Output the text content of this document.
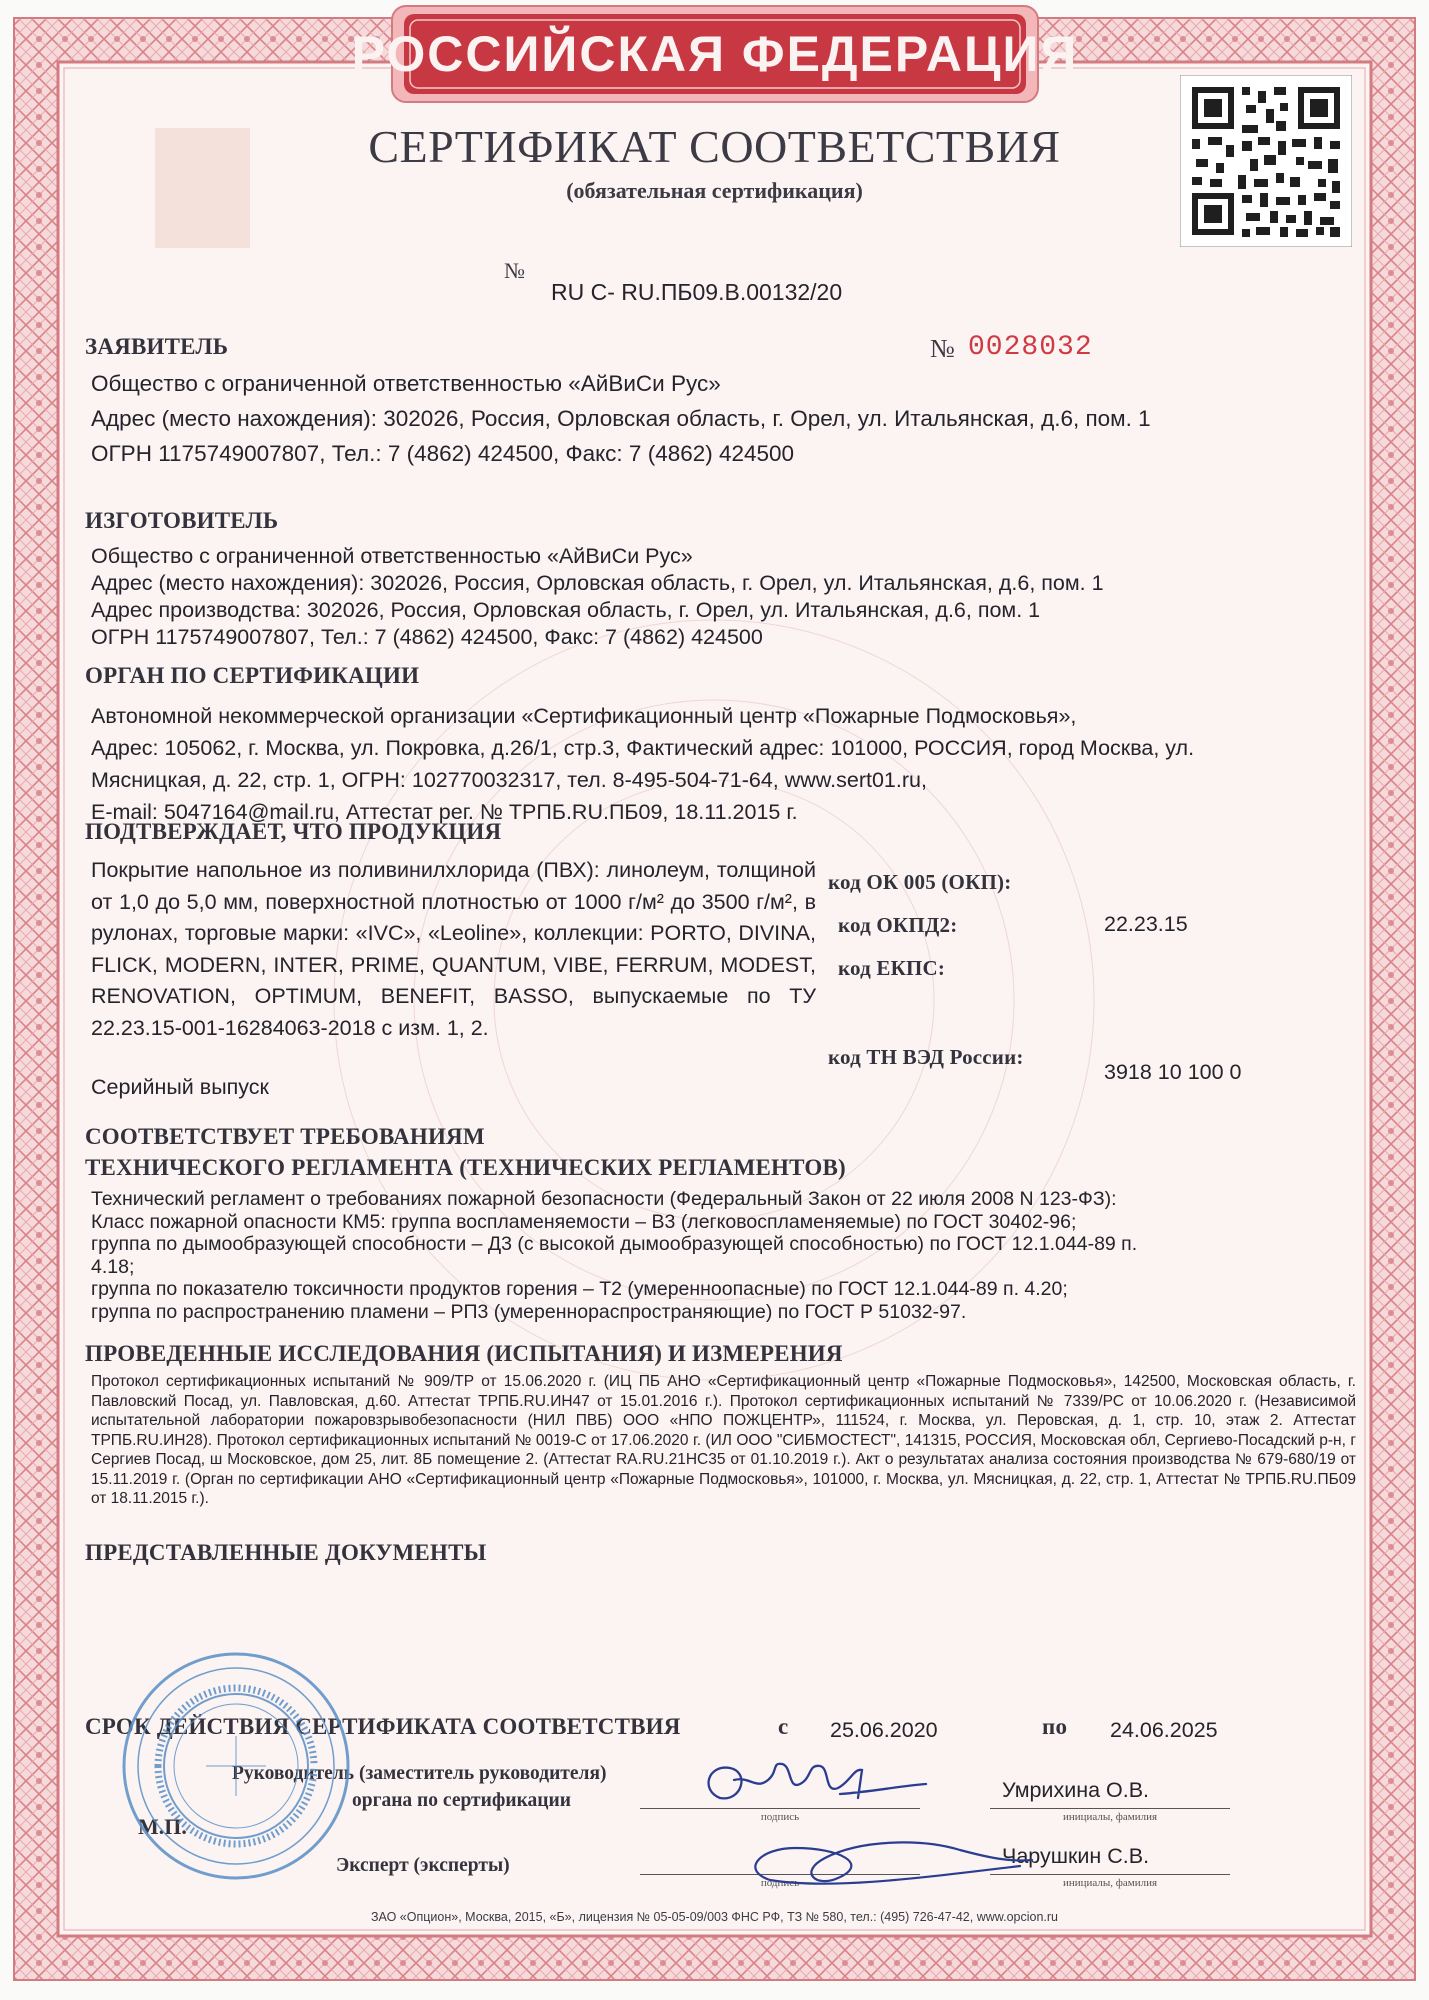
РОССИЙСКАЯ ФЕДЕРАЦИЯ
СЕРТИФИКАТ СООТВЕТСТВИЯ
(обязательная сертификация)
№
RU C- RU.ПБ09.В.00132/20
№ 0028032
ЗАЯВИТЕЛЬ
Общество с ограниченной ответственностью «АйВиСи Рус»
Адрес (место нахождения): 302026, Россия, Орловская область, г. Орел, ул. Итальянская, д.6, пом. 1
ОГРН 1175749007807, Тел.: 7 (4862) 424500, Факс: 7 (4862) 424500
ИЗГОТОВИТЕЛЬ
Общество с ограниченной ответственностью «АйВиСи Рус»
Адрес (место нахождения): 302026, Россия, Орловская область, г. Орел, ул. Итальянская, д.6, пом. 1
Адрес производства: 302026, Россия, Орловская область, г. Орел, ул. Итальянская, д.6, пом. 1
ОГРН 1175749007807, Тел.: 7 (4862) 424500, Факс: 7 (4862) 424500
ОРГАН ПО СЕРТИФИКАЦИИ
Автономной некоммерческой организации «Сертификационный центр «Пожарные Подмосковья»,
Адрес: 105062, г. Москва, ул. Покровка, д.26/1, стр.3, Фактический адрес: 101000, РОССИЯ, город Москва, ул.
Мясницкая, д. 22, стр. 1, ОГРН: 102770032317, тел. 8-495-504-71-64, www.sert01.ru,
E-mail: 5047164@mail.ru, Аттестат рег. № ТРПБ.RU.ПБ09, 18.11.2015 г.
ПОДТВЕРЖДАЕТ, ЧТО ПРОДУКЦИЯ
Покрытие напольное из поливинилхлорида (ПВХ): линолеум, толщиной от 1,0 до 5,0 мм, поверхностной плотностью от 1000 г/м² до 3500 г/м², в рулонах, торговые марки: «IVC», «Leoline», коллекции: PORTO, DIVINA, FLICK, MODERN, INTER, PRIME, QUANTUM, VIBE, FERRUM, MODEST, RENOVATION, OPTIMUM, BENEFIT, BASSO, выпускаемые по ТУ 22.23.15-001-16284063-2018 с изм. 1, 2.
Серийный выпуск
код ОК 005 (ОКП):
код ОКПД2:	22.23.15
код ЕКПС:
код ТН ВЭД России:
3918 10 100 0
СООТВЕТСТВУЕТ ТРЕБОВАНИЯМ
ТЕХНИЧЕСКОГО РЕГЛАМЕНТА (ТЕХНИЧЕСКИХ РЕГЛАМЕНТОВ)
Технический регламент о требованиях пожарной безопасности (Федеральный Закон от 22 июля 2008 N 123-ФЗ):
Класс пожарной опасности КМ5: группа воспламеняемости – В3 (легковоспламеняемые) по ГОСТ 30402-96;
группа по дымообразующей способности – Д3 (с высокой дымообразующей способностью) по ГОСТ 12.1.044-89 п.
4.18;
группа по показателю токсичности продуктов горения – Т2 (умеренноопасные) по ГОСТ 12.1.044-89 п. 4.20;
группа по распространению пламени – РП3 (умереннораспространяющие) по ГОСТ Р 51032-97.
ПРОВЕДЕННЫЕ ИССЛЕДОВАНИЯ (ИСПЫТАНИЯ) И ИЗМЕРЕНИЯ
Протокол сертификационных испытаний № 909/ТР от 15.06.2020 г. (ИЦ ПБ АНО «Сертификационный центр «Пожарные Подмосковья», 142500, Московская область, г. Павловский Посад, ул. Павловская, д.60. Аттестат ТРПБ.RU.ИН47 от 15.01.2016 г.). Протокол сертификационных испытаний № 7339/РС от 10.06.2020 г. (Независимой испытательной лаборатории пожаровзрывобезопасности (НИЛ ПВБ) ООО «НПО ПОЖЦЕНТР», 111524, г. Москва, ул. Перовская, д. 1, стр. 10, этаж 2. Аттестат ТРПБ.RU.ИН28). Протокол сертификационных испытаний № 0019-С от 17.06.2020 г. (ИЛ ООО "СИБМОСТЕСТ", 141315, РОССИЯ, Московская обл, Сергиево-Посадский р-н, г Сергиев Посад, ш Московское, дом 25, лит. 8Б помещение 2. (Аттестат RA.RU.21НС35 от 01.10.2019 г.). Акт о результатах анализа состояния производства № 679-680/19 от 15.11.2019 г. (Орган по сертификации АНО «Сертификационный центр «Пожарные Подмосковья», 101000, г. Москва, ул. Мясницкая, д. 22, стр. 1, Аттестат № ТРПБ.RU.ПБ09 от 18.11.2015 г.).
ПРЕДСТАВЛЕННЫЕ ДОКУМЕНТЫ
СРОК ДЕЙСТВИЯ СЕРТИФИКАТА СООТВЕТСТВИЯ	с 25.06.2020	по 24.06.2025
Руководитель (заместитель руководителя)
органа по сертификации
подпись
Умрихина О.В.
инициалы, фамилия
М.П.
Эксперт (эксперты)
подпись
Чарушкин С.В.
инициалы, фамилия
ЗАО «Опцион», Москва, 2015, «Б», лицензия № 05-05-09/003 ФНС РФ, ТЗ № 580, тел.: (495) 726-47-42, www.opcion.ru
